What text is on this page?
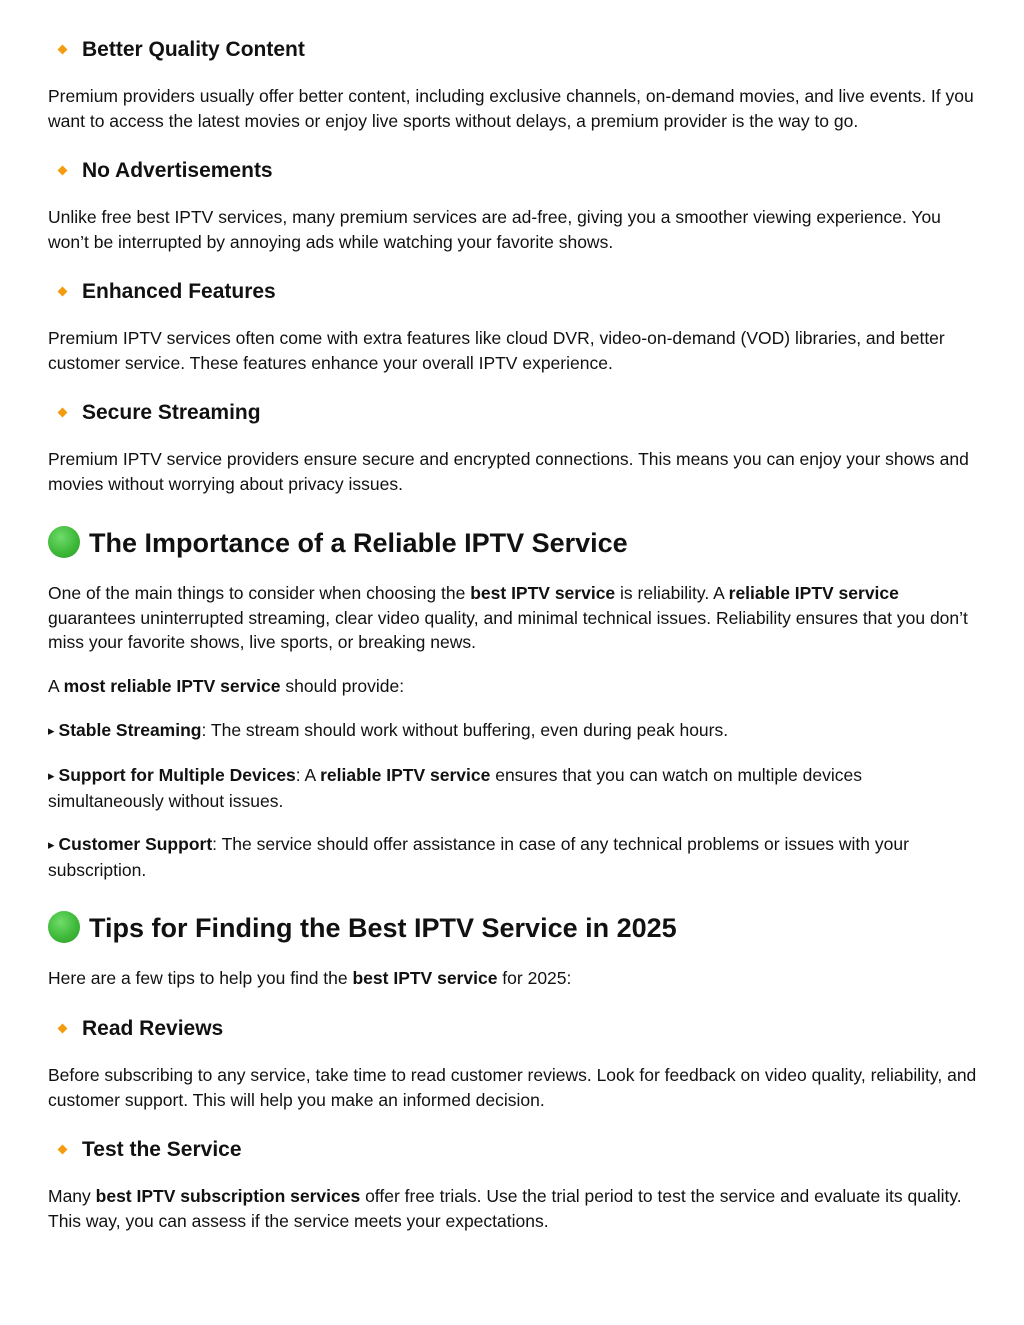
Better Quality Content
Premium providers usually offer better content, including exclusive channels, on-demand movies, and live events. If you want to access the latest movies or enjoy live sports without delays, a premium provider is the way to go.
No Advertisements
Unlike free best IPTV services, many premium services are ad-free, giving you a smoother viewing experience. You won’t be interrupted by annoying ads while watching your favorite shows.
Enhanced Features
Premium IPTV services often come with extra features like cloud DVR, video-on-demand (VOD) libraries, and better customer service. These features enhance your overall IPTV experience.
Secure Streaming
Premium IPTV service providers ensure secure and encrypted connections. This means you can enjoy your shows and movies without worrying about privacy issues.
The Importance of a Reliable IPTV Service
One of the main things to consider when choosing the best IPTV service is reliability. A reliable IPTV service guarantees uninterrupted streaming, clear video quality, and minimal technical issues. Reliability ensures that you don’t miss your favorite shows, live sports, or breaking news.
A most reliable IPTV service should provide:
▸ Stable Streaming: The stream should work without buffering, even during peak hours.
▸ Support for Multiple Devices: A reliable IPTV service ensures that you can watch on multiple devices simultaneously without issues.
▸ Customer Support: The service should offer assistance in case of any technical problems or issues with your subscription.
Tips for Finding the Best IPTV Service in 2025
Here are a few tips to help you find the best IPTV service for 2025:
Read Reviews
Before subscribing to any service, take time to read customer reviews. Look for feedback on video quality, reliability, and customer support. This will help you make an informed decision.
Test the Service
Many best IPTV subscription services offer free trials. Use the trial period to test the service and evaluate its quality. This way, you can assess if the service meets your expectations.
